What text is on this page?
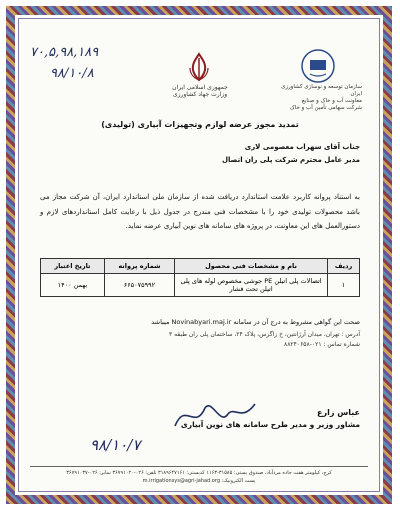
۷۰,۵,۹۸,۱۸۹
۹۸/۱۰/۸
جمهوری اسلامی ایران
وزارت جهاد کشاورزی
سازمان توسعه و نوسازی کشاورزی ایران
معاونت آب و خاک و صنایع
شرکت سهامی تأمین آب و خاک
تمدید مجوز عرضه لوازم وتجهیزات آبیاری (تولیدی)
جناب آقای سهراب معصومی لاری
مدیر عامل محترم شرکت پلی ران اتصال
به استناد پروانه کاربرد علامت استاندارد دریافت شده از سازمان ملی استاندارد ایران، آن شرکت مجاز می باشد محصولات تولیدی خود را با مشخصات فنی مندرج در جدول ذیل با رعایت کامل استانداردهای لازم و دستورالعمل های این معاونت، در پروژه های سامانه های نوین آبیاری عرضه نماید.
ردیف	نام و مشخصات فنی محصول	شماره پروانه	تاریخ اعتبار
۱	اتصالات پلی اتیلن PE جوشی مخصوص لوله های پلی اتیلن تحت فشار	۶۶۵۰۷۵۹۹۲	بهمن ۱۴۰۰
صحت این گواهی مشروط به درج آن در سامانه Novinabyari.maj.ir میباشد
آدرس : تهران، میدان آرژانتین، خ زاگرس، پلاک ۲۴، ساختمان پلی ران طبقه ۳
شماره تماس : ۰۲۱-۸۸۲۴۰۶۵۸
عباس زارع
مشاور وزیر و مدیر طرح سامانه های نوین آبیاری
۹۸/۱۰/۷
کرج، کیلومتر هفت جاده مردآباد، صندوق پستی: ۳۱۵۸۵-۱۱۶۳ کدپستی: ۳۱۸۹۶۴۷۱۶۱ تلفن: ۰۲۶-۳۶۷۹۱۰۲۰ نمابر: ۰۲۶-۳۶۷۹۱۰۳۷
پست الکترونیک: m.irrigationsys@agri-jahad.org
